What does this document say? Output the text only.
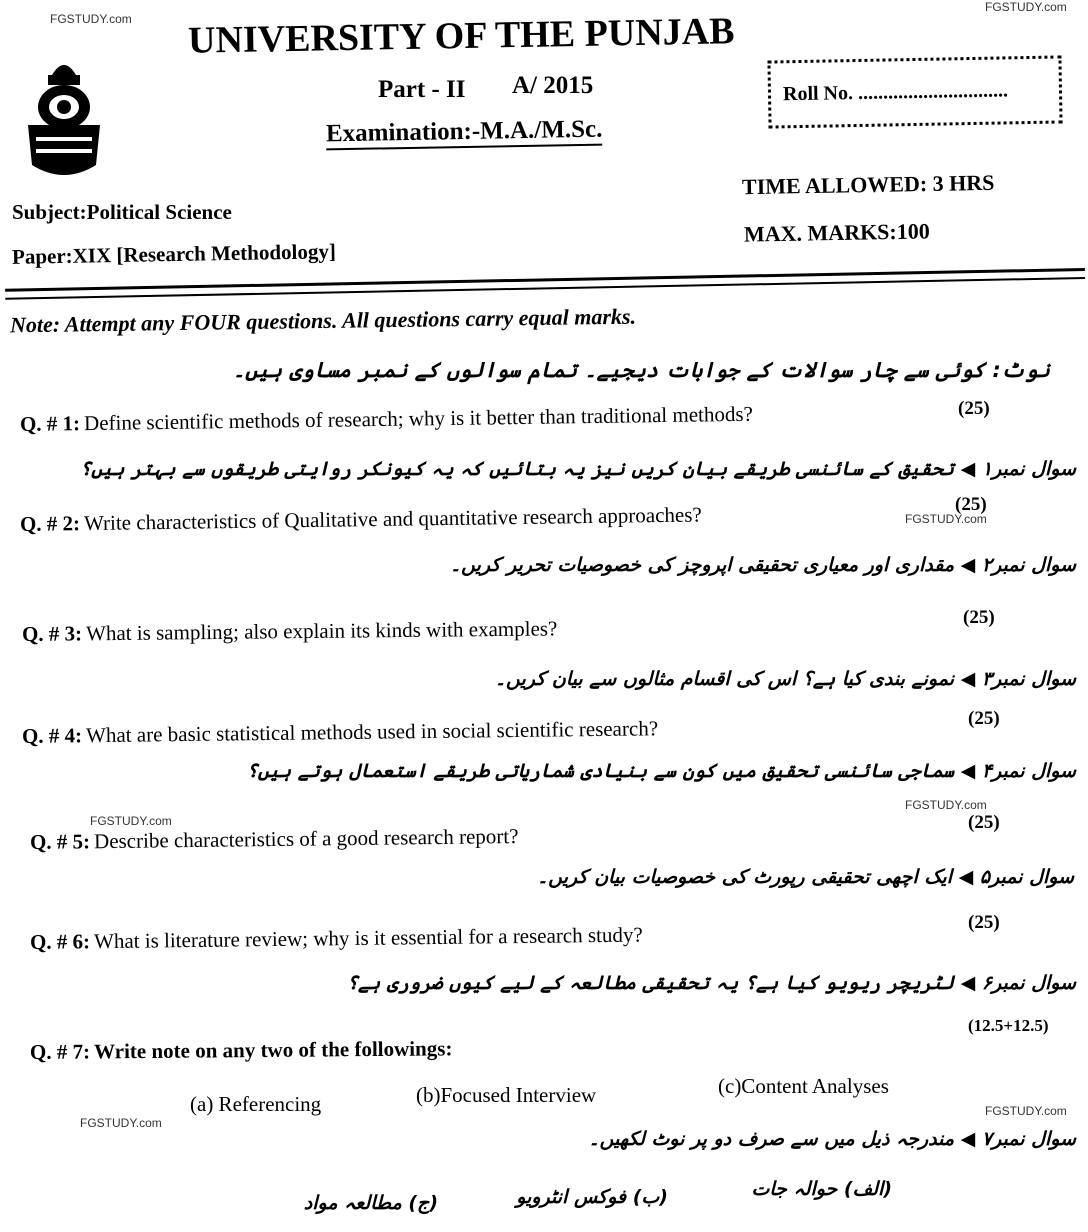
FGSTUDY.com
FGSTUDY.com
FGSTUDY.com
FGSTUDY.com
FGSTUDY.com
FGSTUDY.com
FGSTUDY.com
UNIVERSITY OF THE PUNJAB
Part - II A/ 2015
Examination:-M.A./M.Sc.
Roll No. ..............................
TIME ALLOWED: 3 HRS
MAX. MARKS:100
Subject:Political Science
Paper:XIX [Research Methodology]
Note: Attempt any FOUR questions. All questions carry equal marks.
نوٹ: کوئی سے چار سوالات کے جوابات دیجیے۔ تمام سوالوں کے نمبر مساوی ہیں۔
Q. # 1: Define scientific methods of research; why is it better than traditional methods?	(25)
سوال نمبر۱ ◀ تحقیق کے سائنسی طریقے بیان کریں نیز یہ بتائیں کہ یہ کیونکر روایتی طریقوں سے بہتر ہیں؟
Q. # 2: Write characteristics of Qualitative and quantitative research approaches?	(25)
سوال نمبر۲ ◀ مقداری اور معیاری تحقیقی اپروچز کی خصوصیات تحریر کریں۔
Q. # 3: What is sampling; also explain its kinds with examples?	(25)
سوال نمبر۳ ◀ نمونے بندی کیا ہے؟ اس کی اقسام مثالوں سے بیان کریں۔
Q. # 4: What are basic statistical methods used in social scientific research?	(25)
سوال نمبر۴ ◀ سماجی سائنسی تحقیق میں کون سے بنیادی شماریاتی طریقے استعمال ہوتے ہیں؟
Q. # 5: Describe characteristics of a good research report?
(25)
سوال نمبر۵ ◀ ایک اچھی تحقیقی رپورٹ کی خصوصیات بیان کریں۔
Q. # 6: What is literature review; why is it essential for a research study?
(25)
سوال نمبر۶ ◀ لٹریچر ریویو کیا ہے؟ یہ تحقیقی مطالعہ کے لیے کیوں ضروری ہے؟
(12.5+12.5)
Q. # 7: Write note on any two of the followings:
(a) Referencing	(b)Focused Interview	(c)Content Analyses
سوال نمبر۷ ◀ مندرجہ ذیل میں سے صرف دو پر نوٹ لکھیں۔
(الف) حوالہ جات
(ب) فوکس انٹرویو
(ج) مطالعہ مواد
